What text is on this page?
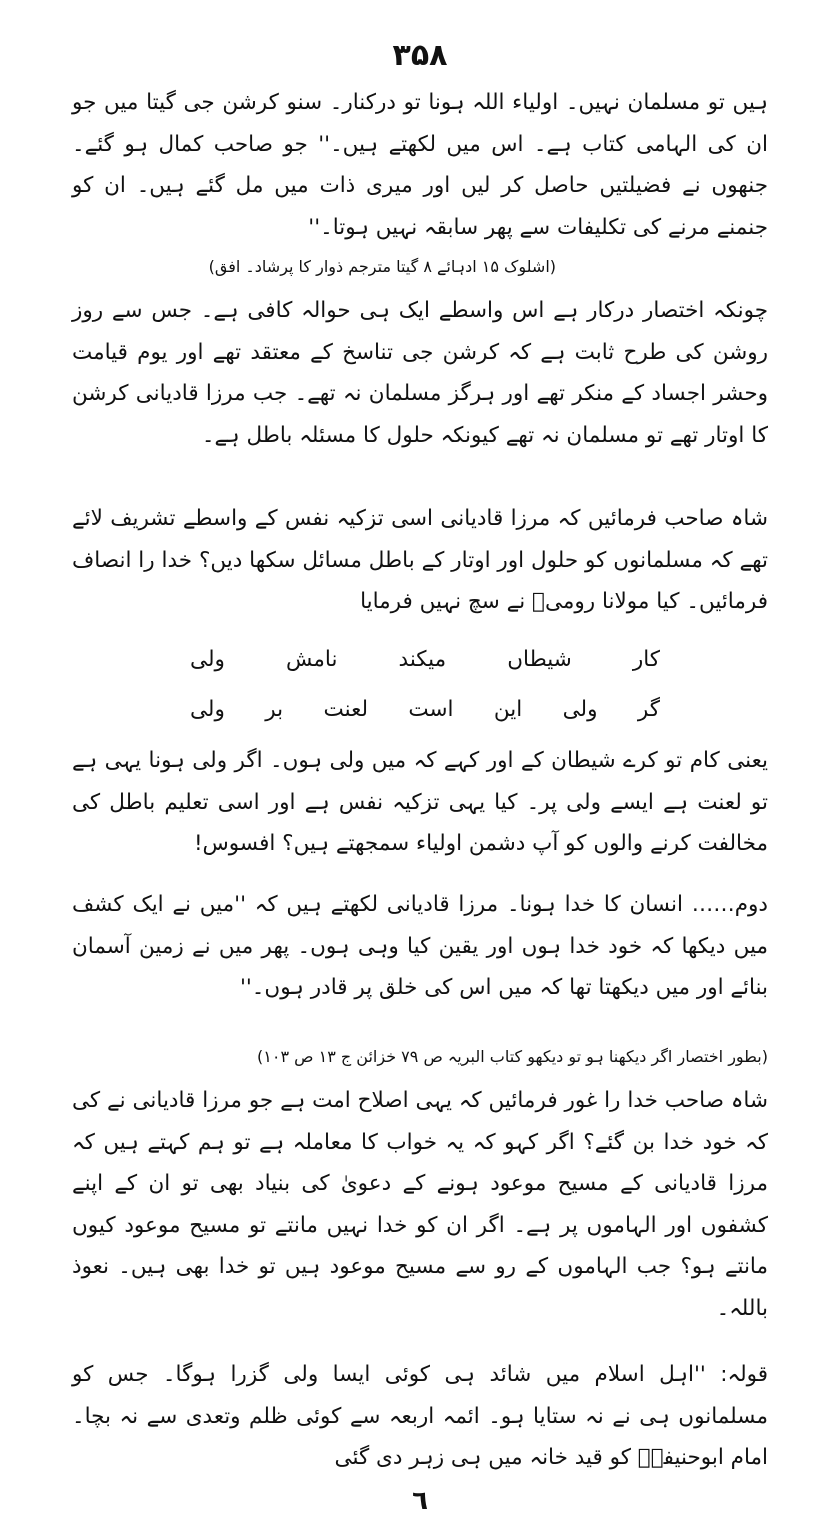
۳۵۸
ہیں تو مسلمان نہیں۔ اولیاء اللہ ہونا تو درکنار۔ سنو کرشن جی گیتا میں جو ان کی الہامی کتاب ہے۔ اس میں لکھتے ہیں۔'' جو صاحب کمال ہو گئے۔ جنھوں نے فضیلتیں حاصل کر لیں اور میری ذات میں مل گئے ہیں۔ ان کو جنمنے مرنے کی تکلیفات سے پھر سابقہ نہیں ہوتا۔''
(اشلوک ۱۵ ادہائے ۸ گیتا مترجم ذوار کا پرشاد۔ افق)
چونکہ اختصار درکار ہے اس واسطے ایک ہی حوالہ کافی ہے۔ جس سے روز روشن کی طرح ثابت ہے کہ کرشن جی تناسخ کے معتقد تھے اور یوم قیامت وحشر اجساد کے منکر تھے اور ہرگز مسلمان نہ تھے۔ جب مرزا قادیانی کرشن کا اوتار تھے تو مسلمان نہ تھے کیونکہ حلول کا مسئلہ باطل ہے۔
شاہ صاحب فرمائیں کہ مرزا قادیانی اسی تزکیہ نفس کے واسطے تشریف لائے تھے کہ مسلمانوں کو حلول اور اوتار کے باطل مسائل سکھا دیں؟ خدا را انصاف فرمائیں۔ کیا مولانا رومیؒ نے سچ نہیں فرمایا
کار
شیطاں
میکند
نامش
ولی
گر
ولی
این
است
لعنت
بر
ولی
یعنی کام تو کرے شیطان کے اور کہے کہ میں ولی ہوں۔ اگر ولی ہونا یہی ہے تو لعنت ہے ایسے ولی پر۔ کیا یہی تزکیہ نفس ہے اور اسی تعلیم باطل کی مخالفت کرنے والوں کو آپ دشمن اولیاء سمجھتے ہیں؟ افسوس!
دوم…… انسان کا خدا ہونا۔ مرزا قادیانی لکھتے ہیں کہ ''میں نے ایک کشف میں دیکھا کہ خود خدا ہوں اور یقین کیا وہی ہوں۔ پھر میں نے زمین آسمان بنائے اور میں دیکھتا تھا کہ میں اس کی خلق پر قادر ہوں۔''
(بطور اختصار اگر دیکھنا ہو تو دیکھو کتاب البریہ ص ۷۹ خزائن ج ۱۳ ص ۱۰۳)
شاہ صاحب خدا را غور فرمائیں کہ یہی اصلاح امت ہے جو مرزا قادیانی نے کی کہ خود خدا بن گئے؟ اگر کہو کہ یہ خواب کا معاملہ ہے تو ہم کہتے ہیں کہ مرزا قادیانی کے مسیح موعود ہونے کے دعویٰ کی بنیاد بھی تو ان کے اپنے کشفوں اور الہاموں پر ہے۔ اگر ان کو خدا نہیں مانتے تو مسیح موعود کیوں مانتے ہو؟ جب الہاموں کے رو سے مسیح موعود ہیں تو خدا بھی ہیں۔ نعوذ باللہ۔
قولہ: ''اہل اسلام میں شائد ہی کوئی ایسا ولی گزرا ہوگا۔ جس کو مسلمانوں ہی نے نہ ستایا ہو۔ ائمہ اربعہ سے کوئی ظلم وتعدی سے نہ بچا۔ امام ابوحنیفہؒ کو قید خانہ میں ہی زہر دی گئی
٦
